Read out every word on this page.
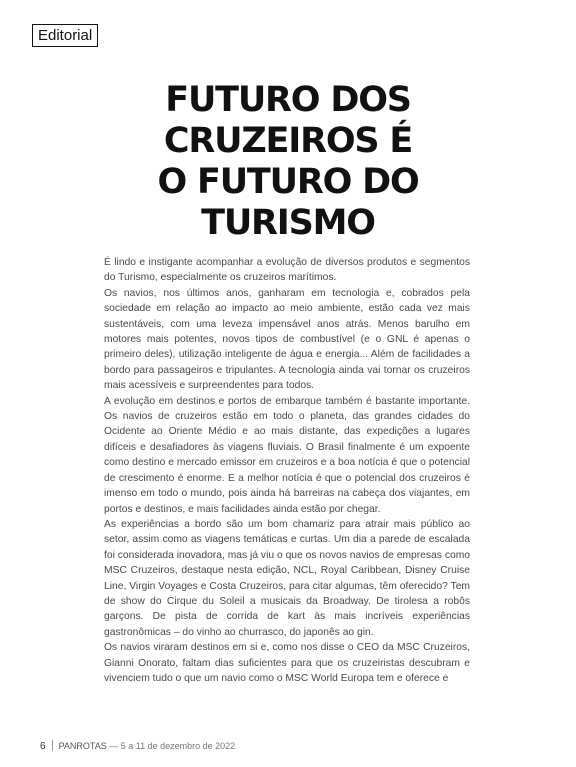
Editorial
FUTURO DOS
CRUZEIROS É
O FUTURO DO
TURISMO

É lindo e instigante acompanhar a evolução de diversos produtos e segmentos do Turismo, especialmente os cruzeiros marítimos.

Os navios, nos últimos anos, ganharam em tecnologia e, cobrados pela sociedade em relação ao impacto ao meio ambiente, estão cada vez mais sustentáveis, com uma leveza impensável anos atrás. Menos barulho em motores mais potentes, novos tipos de combustível (e o GNL é apenas o primeiro deles), utilização inteligente de água e energia... Além de facilidades a bordo para passageiros e tripulantes. A tecnologia ainda vai tornar os cruzeiros mais acessíveis e surpreendentes para todos.

A evolução em destinos e portos de embarque também é bastante importante. Os navios de cruzeiros estão em todo o planeta, das grandes cidades do Ocidente ao Oriente Médio e ao mais distante, das expedições a lugares difíceis e desafiadores às viagens fluviais. O Brasil finalmente é um expoente como destino e mercado emissor em cruzeiros e a boa notícia é que o potencial de crescimento é enorme. E a melhor notícia é que o potencial dos cruzeiros é imenso em todo o mundo, pois ainda há barreiras na cabeça dos viajantes, em portos e destinos, e mais facilidades ainda estão por chegar.

As experiências a bordo são um bom chamariz para atrair mais público ao setor, assim como as viagens temáticas e curtas. Um dia a parede de escalada foi considerada inovadora, mas já viu o que os novos navios de empresas como MSC Cruzeiros, destaque nesta edição, NCL, Royal Caribbean, Disney Cruise Line, Virgin Voyages e Costa Cruzeiros, para citar algumas, têm oferecido? Tem de show do Cirque du Soleil a musicais da Broadway. De tirolesa a robôs garçons. De pista de corrida de kart às mais incríveis experiências gastronômicas – do vinho ao churrasco, do japonês ao gin.

Os navios viraram destinos em si e, como nos disse o CEO da MSC Cruzeiros, Gianni Onorato, faltam dias suficientes para que os cruzeiristas descubram e vivenciem tudo o que um navio como o MSC World Europa tem e oferece e

6 PANROTAS — 5 a 11 de dezembro de 2022
